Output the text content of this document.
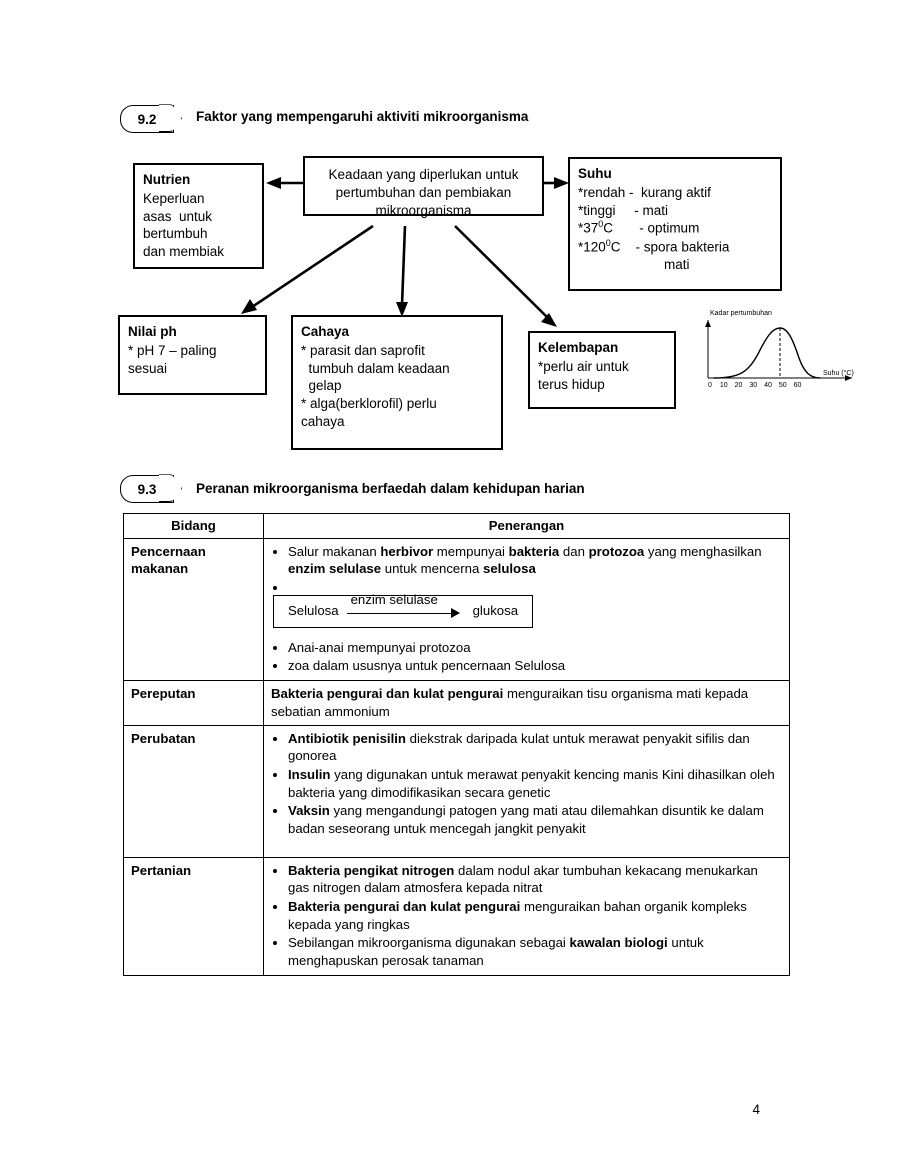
9.2	Faktor yang mempengaruhi aktiviti mikroorganisma
Keadaan yang diperlukan untuk
pertumbuhan dan pembiakan
mikroorganisma
Nutrien
Keperluan
asas  untuk
bertumbuh
dan membiak
Suhu
*rendah -  kurang aktif
*tinggi     - mati
$*37^0C$       - optimum
$*120^0C$    - spora bakteria
mati
Nilai ph
* pH 7 – paling
sesuai
Cahaya
* parasit dan saprofit
tumbuh dalam keadaan
gelap
* alga(berklorofil) perlu
cahaya
Kelembapan
*perlu air untuk
terus hidup
Kadar pertumbuhan
0 10 20 30 40 50 60
Suhu (°C)
9.3	Peranan mikroorganisma berfaedah dalam kehidupan harian
Bidang	Penerangan

Pencernaan
makanan

• Salur makanan herbivor mempunyai bakteria dan protozoa yang menghasilkan enzim selulase untuk mencerna selulosa
•
Selulosa
enzim selulase
glukosa
• Anai-anai mempunyai protozoa
• zoa dalam ususnya untuk pencernaan Selulosa

Pereputan	Bakteria pengurai dan kulat pengurai menguraikan tisu organisma mati kepada sebatian ammonium

Perubatan	
•Antibiotik penisilin diekstrak daripada kulat untuk merawat penyakit sifilis dan gonorea
• Insulin yang digunakan untuk merawat penyakit kencing manis Kini dihasilkan oleh bakteria yang dimodifikasikan secara genetic
• Vaksin yang mengandungi patogen yang mati atau dilemahkan disuntik ke dalam badan seseorang untuk mencegah jangkit penyakit

Pertanian	
•Bakteria pengikat nitrogen dalam nodul akar tumbuhan kekacang menukarkan gas nitrogen dalam atmosfera kepada nitrat
• Bakteria pengurai dan kulat pengurai menguraikan bahan organik kompleks kepada yang ringkas
• Sebilangan mikroorganisma digunakan sebagai kawalan biologi untuk menghapuskan perosak tanaman
4
